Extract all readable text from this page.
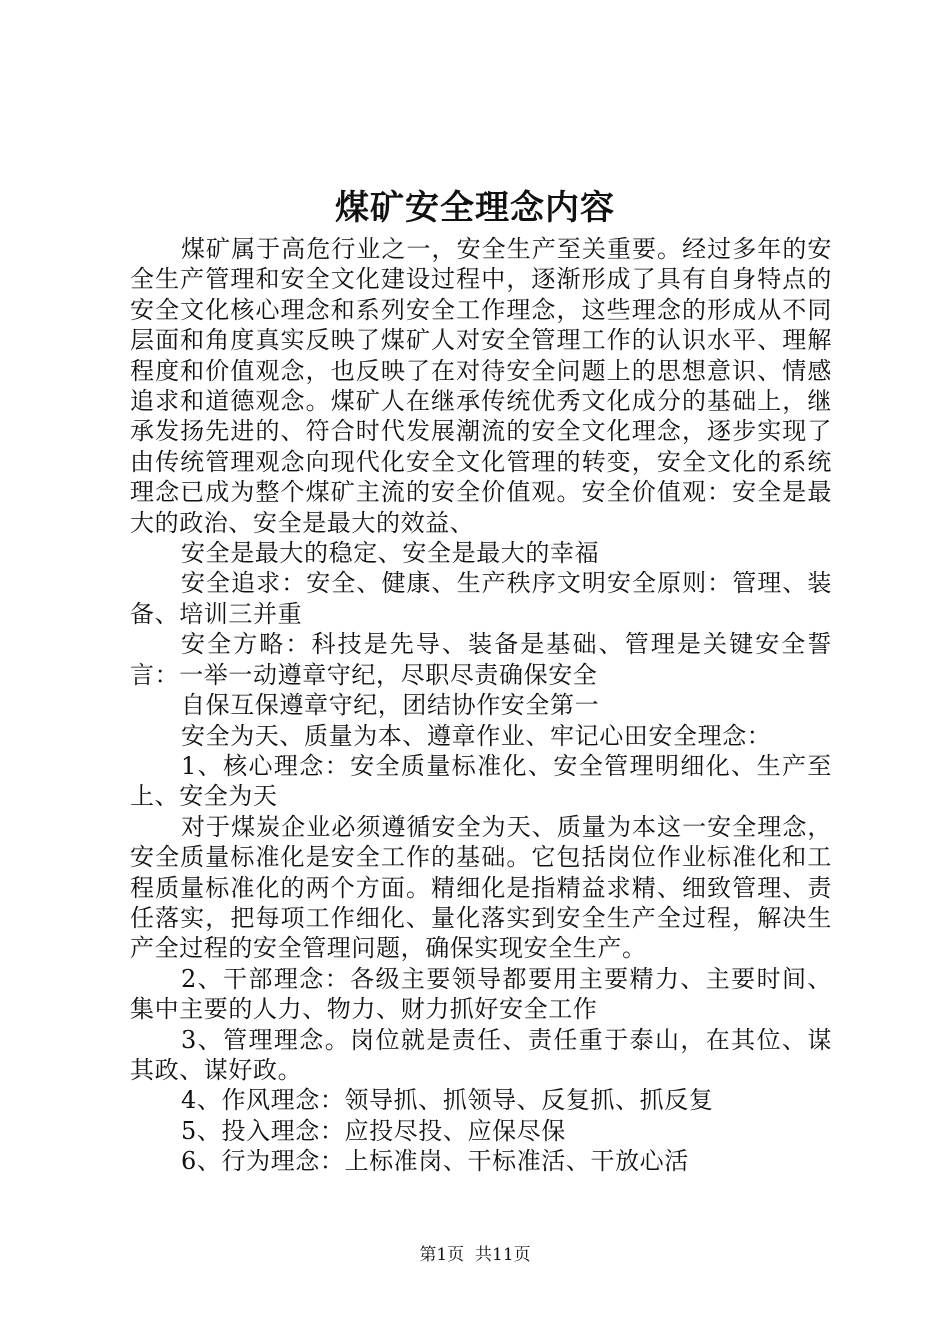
煤矿安全理念内容

煤矿属于高危行业之一，安全生产至关重要。经过多年的安全生产管理和安全文化建设过程中，逐渐形成了具有自身特点的安全文化核心理念和系列安全工作理念，这些理念的形成从不同层面和角度真实反映了煤矿人对安全管理工作的认识水平、理解程度和价值观念，也反映了在对待安全问题上的思想意识、情感追求和道德观念。煤矿人在继承传统优秀文化成分的基础上，继承发扬先进的、符合时代发展潮流的安全文化理念，逐步实现了由传统管理观念向现代化安全文化管理的转变，安全文化的系统理念已成为整个煤矿主流的安全价值观。安全价值观：安全是最大的政治、安全是最大的效益、

安全是最大的稳定、安全是最大的幸福

安全追求：安全、健康、生产秩序文明安全原则：管理、装备、培训三并重

安全方略：科技是先导、装备是基础、管理是关键安全誓言：一举一动遵章守纪，尽职尽责确保安全

自保互保遵章守纪，团结协作安全第一

安全为天、质量为本、遵章作业、牢记心田安全理念：

1、核心理念：安全质量标准化、安全管理明细化、生产至上、安全为天

对于煤炭企业必须遵循安全为天、质量为本这一安全理念，安全质量标准化是安全工作的基础。它包括岗位作业标准化和工程质量标准化的两个方面。精细化是指精益求精、细致管理、责任落实，把每项工作细化、量化落实到安全生产全过程，解决生产全过程的安全管理问题，确保实现安全生产。

2、干部理念：各级主要领导都要用主要精力、主要时间、集中主要的人力、物力、财力抓好安全工作

3、管理理念。岗位就是责任、责任重于泰山，在其位、谋其政、谋好政。

4、作风理念：领导抓、抓领导、反复抓、抓反复

5、投入理念：应投尽投、应保尽保

6、行为理念：上标准岗、干标准活、干放心活

第1页 共11页
